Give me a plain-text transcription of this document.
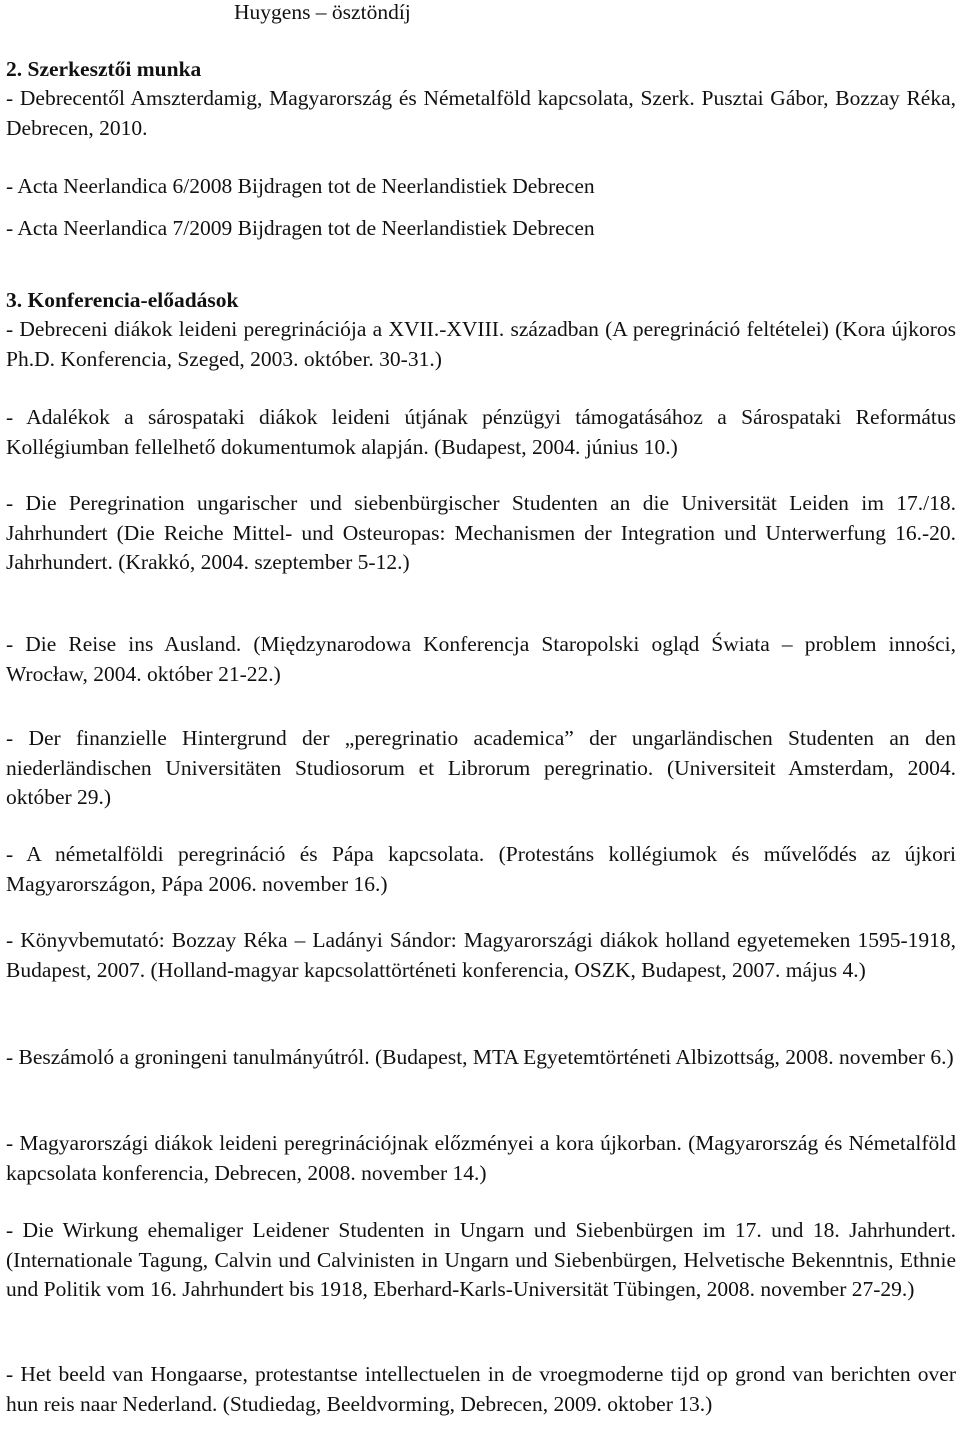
Huygens – ösztöndíj
2. Szerkesztői munka
- Debrecentől Amszterdamig, Magyarország és Németalföld kapcsolata, Szerk. Pusztai Gábor, Bozzay Réka, Debrecen, 2010.
- Acta Neerlandica 6/2008 Bijdragen tot de Neerlandistiek Debrecen
- Acta Neerlandica 7/2009 Bijdragen tot de Neerlandistiek Debrecen
3. Konferencia-előadások
- Debreceni diákok leideni peregrinációja a XVII.-XVIII. században (A peregrináció feltételei) (Kora újkoros Ph.D. Konferencia, Szeged, 2003. október. 30-31.)
- Adalékok a sárospataki diákok leideni útjának pénzügyi támogatásához a Sárospataki Református Kollégiumban fellelhető dokumentumok alapján. (Budapest, 2004. június 10.)
- Die Peregrination ungarischer und siebenbürgischer Studenten an die Universität Leiden im 17./18. Jahrhundert (Die Reiche Mittel- und Osteuropas: Mechanismen der Integration und Unterwerfung 16.-20. Jahrhundert. (Krakkó, 2004. szeptember 5-12.)
- Die Reise ins Ausland. (Międzynarodowa Konferencja Staropolski ogląd Świata – problem inności, Wrocław, 2004. október 21-22.)
- Der finanzielle Hintergrund der „peregrinatio academica” der ungarländischen Studenten an den niederländischen Universitäten Studiosorum et Librorum peregrinatio. (Universiteit Amsterdam, 2004. október 29.)
- A németalföldi peregrináció és Pápa kapcsolata. (Protestáns kollégiumok és művelődés az újkori Magyarországon, Pápa 2006. november 16.)
- Könyvbemutató: Bozzay Réka – Ladányi Sándor: Magyarországi diákok holland egyetemeken 1595-1918, Budapest, 2007. (Holland-magyar kapcsolattörténeti konferencia, OSZK, Budapest, 2007. május 4.)
- Beszámoló a groningeni tanulmányútról. (Budapest, MTA Egyetemtörténeti Albizottság, 2008. november 6.)
- Magyarországi diákok leideni peregrinációjnak előzményei a kora újkorban. (Magyarország és Németalföld kapcsolata konferencia, Debrecen, 2008. november 14.)
- Die Wirkung ehemaliger Leidener Studenten in Ungarn und Siebenbürgen im 17. und 18. Jahrhundert. (Internationale Tagung, Calvin und Calvinisten in Ungarn und Siebenbürgen, Helvetische Bekenntnis, Ethnie und Politik vom 16. Jahrhundert bis 1918, Eberhard-Karls-Universität Tübingen, 2008. november 27-29.)
- Het beeld van Hongaarse, protestantse intellectuelen in de vroegmoderne tijd op grond van berichten over hun reis naar Nederland. (Studiedag, Beeldvorming, Debrecen, 2009. oktober 13.)
